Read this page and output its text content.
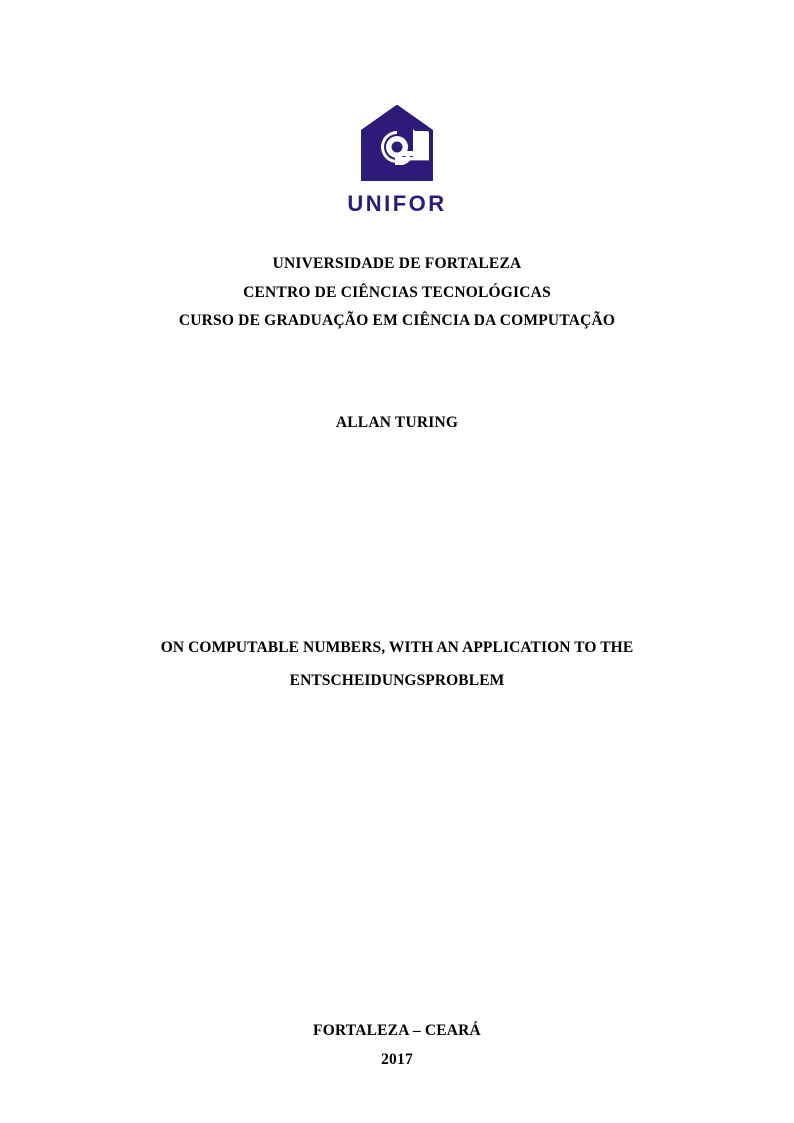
UNIFOR
UNIVERSIDADE DE FORTALEZA
CENTRO DE CIÊNCIAS TECNOLÓGICAS
CURSO DE GRADUAÇÃO EM CIÊNCIA DA COMPUTAÇÃO
ALLAN TURING
ON COMPUTABLE NUMBERS, WITH AN APPLICATION TO THE
ENTSCHEIDUNGSPROBLEM
FORTALEZA – CEARÁ
2017
